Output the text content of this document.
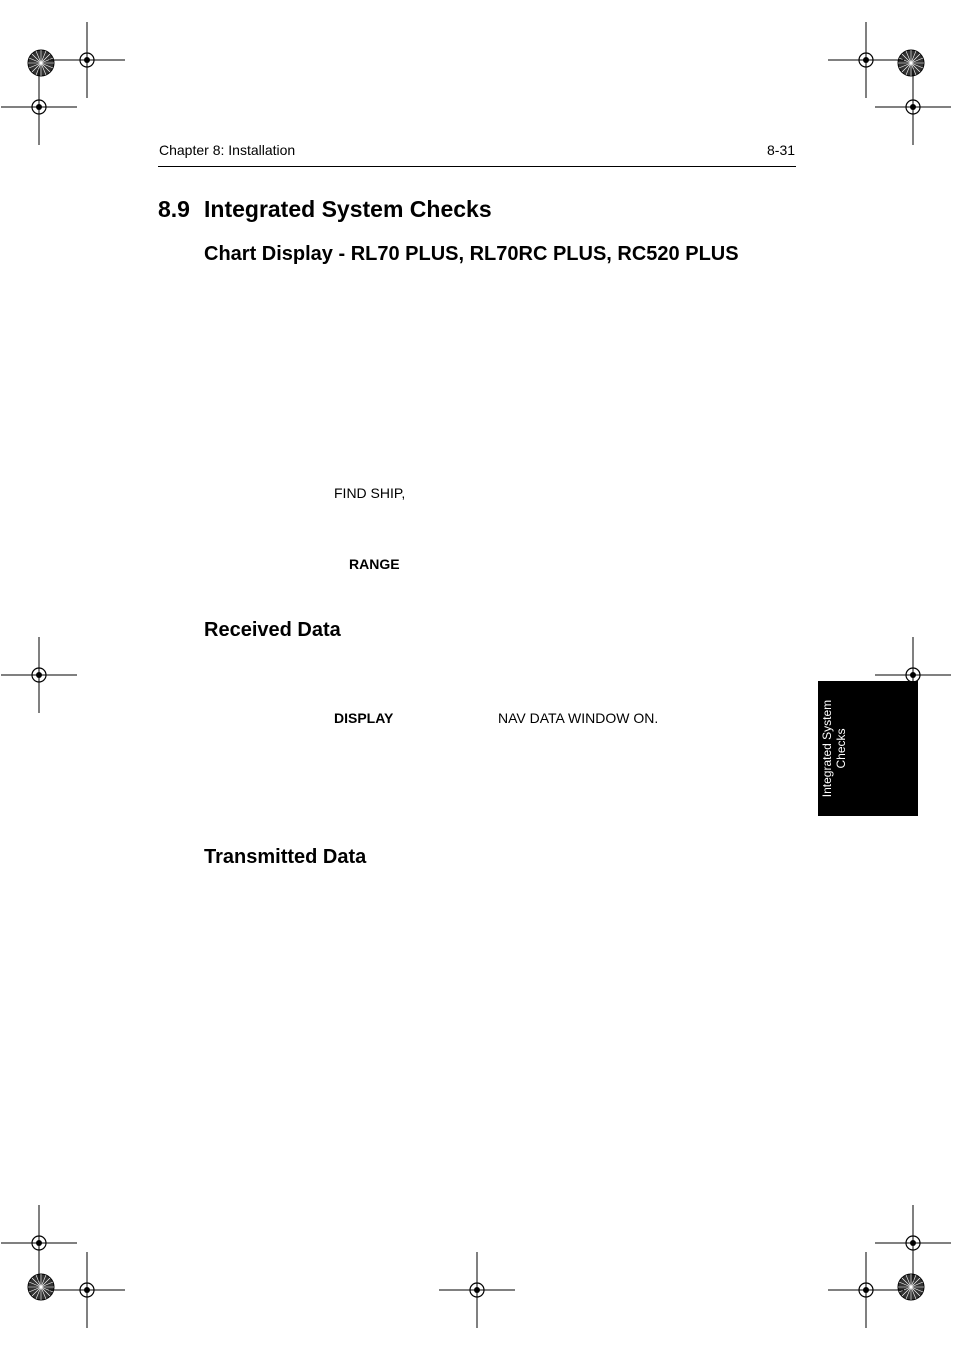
Chapter 8: Installation	8-31
8.9 Integrated System Checks
Chart Display - RL70 PLUS, RL70RC PLUS, RC520 PLUS
FIND SHIP,
RANGE
Received Data
DISPLAY	NAV DATA WINDOW ON.
Transmitted Data
Integrated System Checks
